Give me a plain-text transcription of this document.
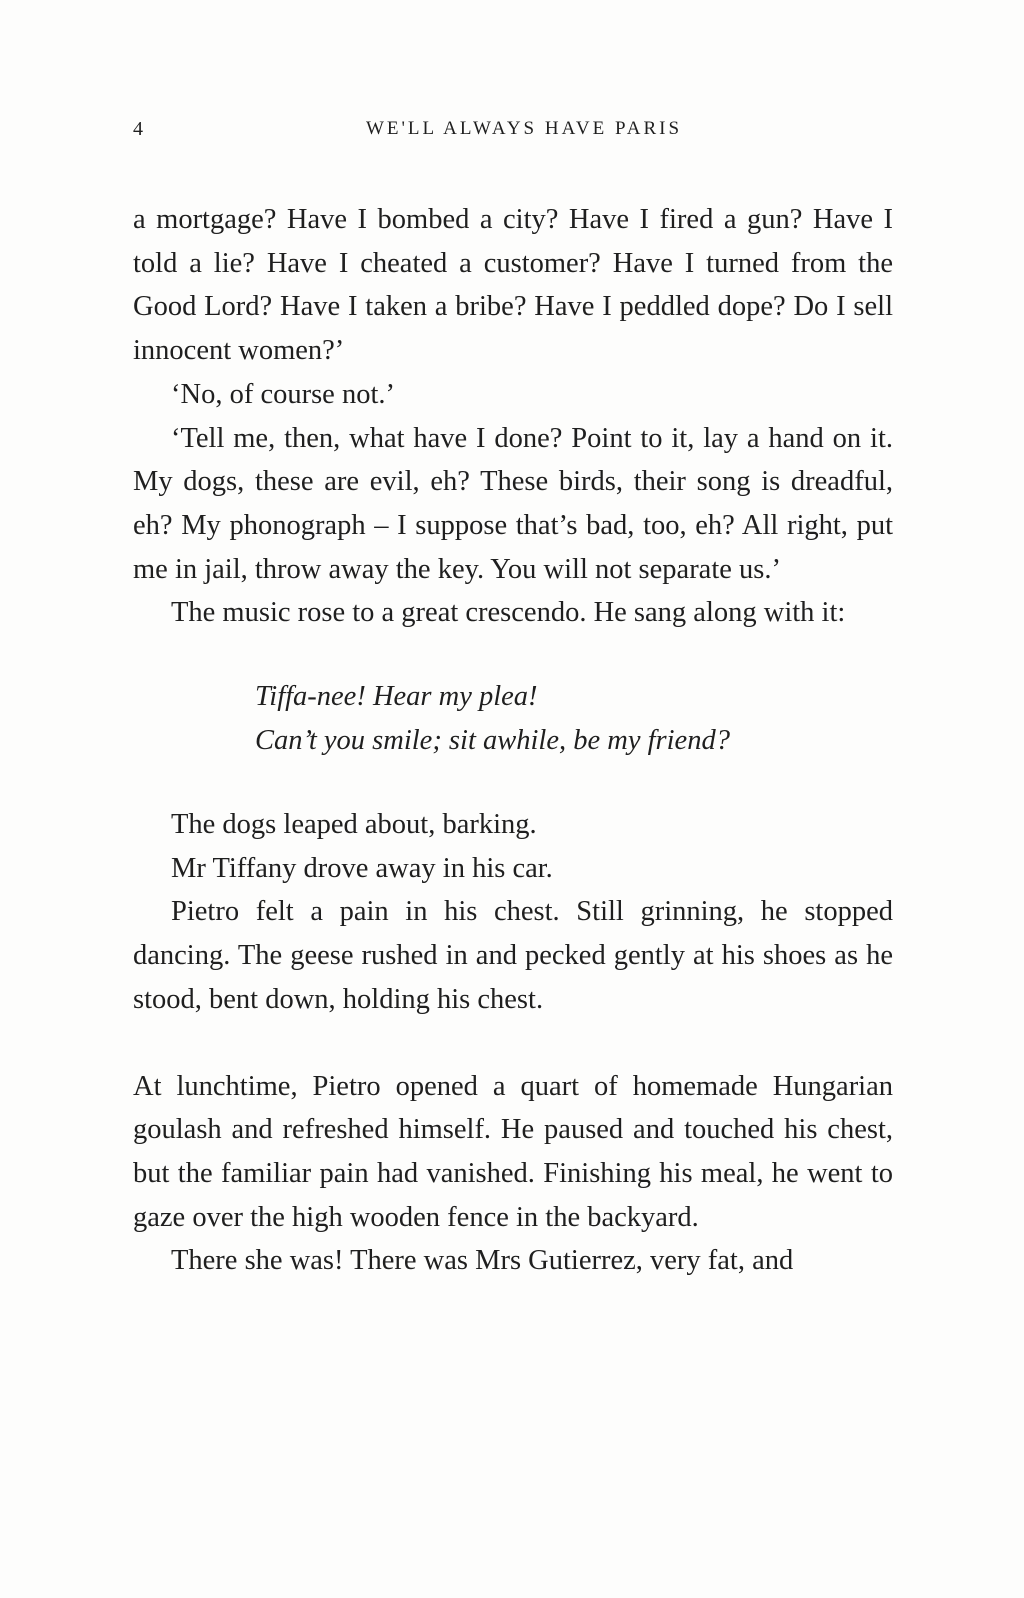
4	WE'LL ALWAYS HAVE PARIS

a mortgage? Have I bombed a city? Have I fired a gun? Have I told a lie? Have I cheated a customer? Have I turned from the Good Lord? Have I taken a bribe? Have I peddled dope? Do I sell innocent women?’

‘No, of course not.’

‘Tell me, then, what have I done? Point to it, lay a hand on it. My dogs, these are evil, eh? These birds, their song is dreadful, eh? My phonograph – I suppose that’s bad, too, eh? All right, put me in jail, throw away the key. You will not separate us.’

The music rose to a great crescendo. He sang along with it:

Tiffa-nee! Hear my plea!
Can’t you smile; sit awhile, be my friend?

The dogs leaped about, barking.

Mr Tiffany drove away in his car.

Pietro felt a pain in his chest. Still grinning, he stopped dancing. The geese rushed in and pecked gently at his shoes as he stood, bent down, holding his chest.

At lunchtime, Pietro opened a quart of homemade Hungarian goulash and refreshed himself. He paused and touched his chest, but the familiar pain had vanished. Finishing his meal, he went to gaze over the high wooden fence in the backyard.

There she was! There was Mrs Gutierrez, very fat, and
